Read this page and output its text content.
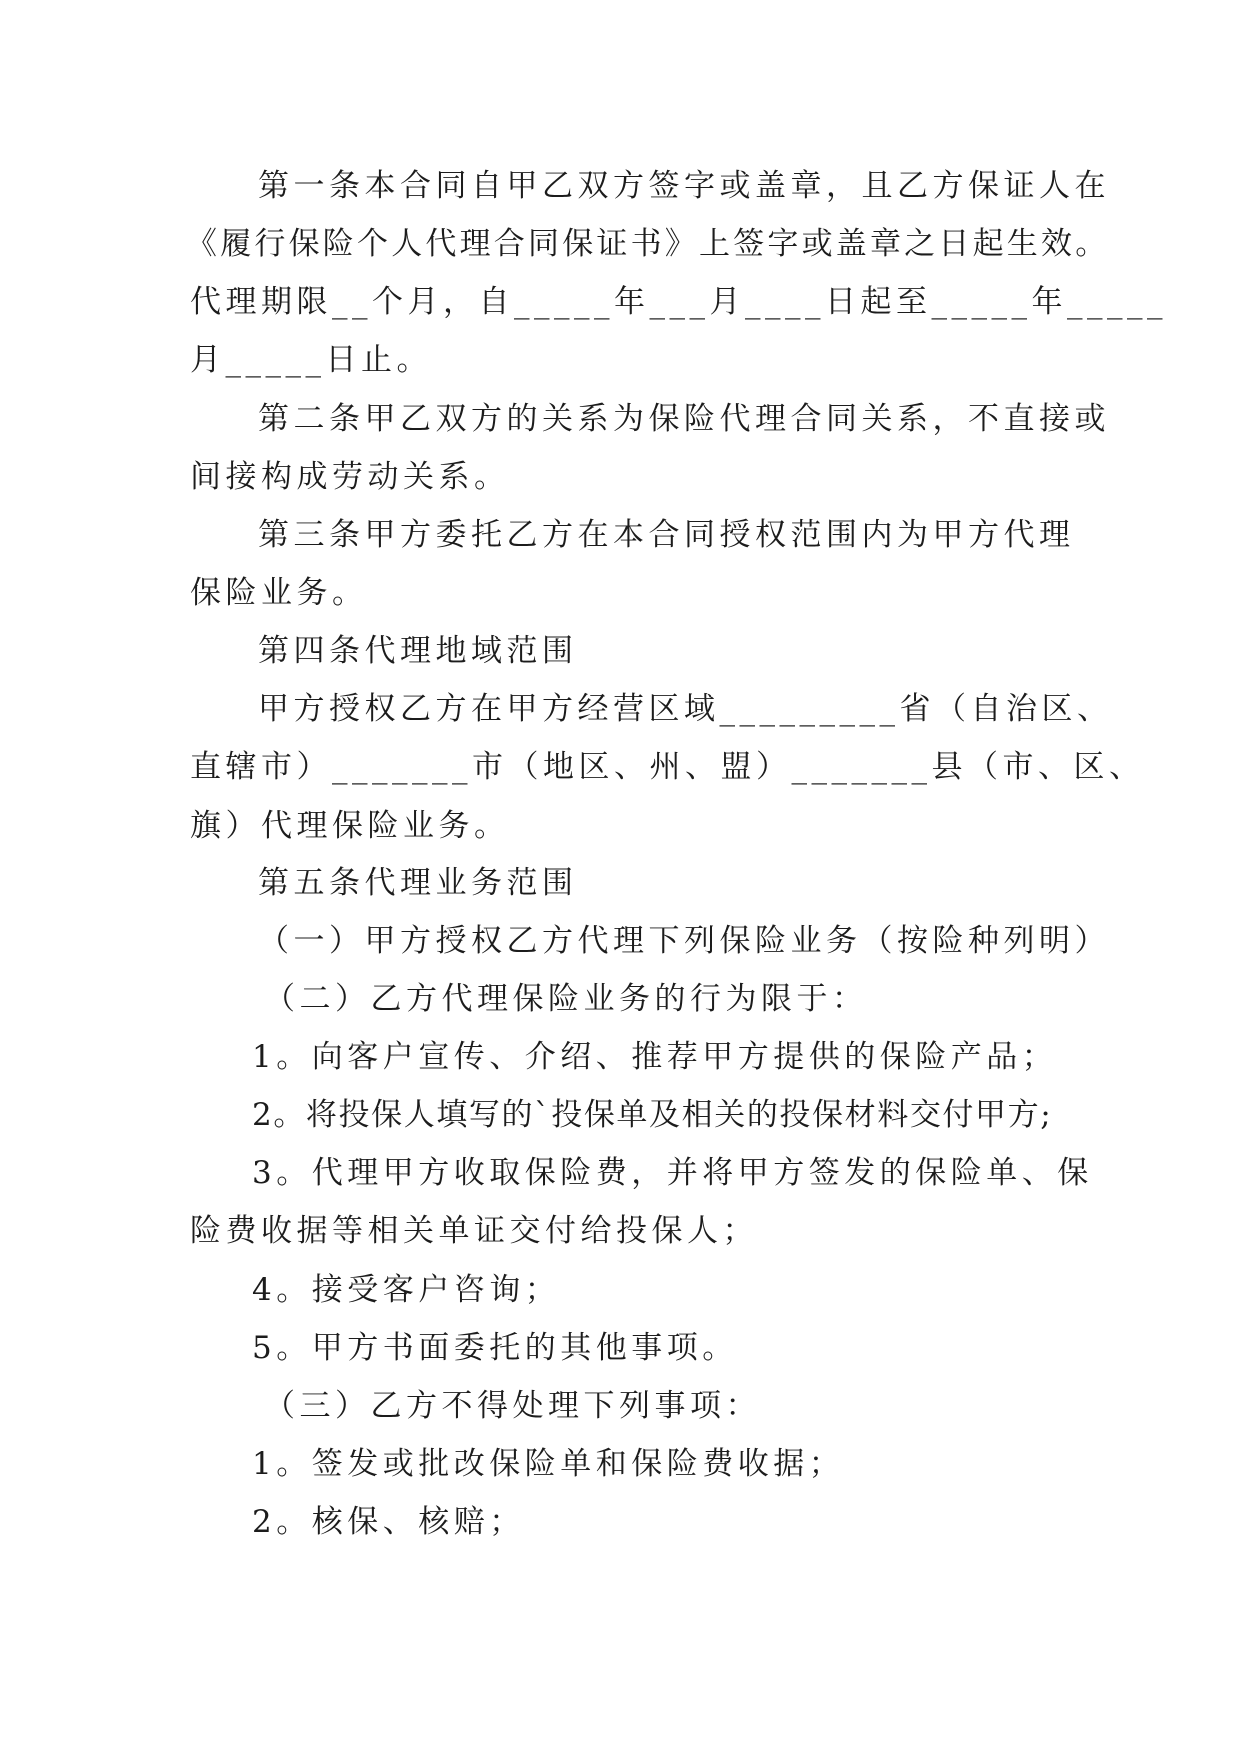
第一条本合同自甲乙双方签字或盖章，且乙方保证人在
《履行保险个人代理合同保证书》上签字或盖章之日起生效。
代理期限__个月，自_____年___月____日起至_____年_____
月_____日止。
第二条甲乙双方的关系为保险代理合同关系，不直接或
间接构成劳动关系。
第三条甲方委托乙方在本合同授权范围内为甲方代理
保险业务。
第四条代理地域范围
甲方授权乙方在甲方经营区域_________省（自治区、
直辖市）_______市（地区、州、盟）_______县（市、区、
旗）代理保险业务。
第五条代理业务范围
（一）甲方授权乙方代理下列保险业务（按险种列明）
（二）乙方代理保险业务的行为限于：
1。向客户宣传、介绍、推荐甲方提供的保险产品；
2。将投保人填写的`投保单及相关的投保材料交付甲方;
3。代理甲方收取保险费，并将甲方签发的保险单、保
险费收据等相关单证交付给投保人；
4。接受客户咨询；
5。甲方书面委托的其他事项。
（三）乙方不得处理下列事项：
1。签发或批改保险单和保险费收据；
2。核保、核赔；
